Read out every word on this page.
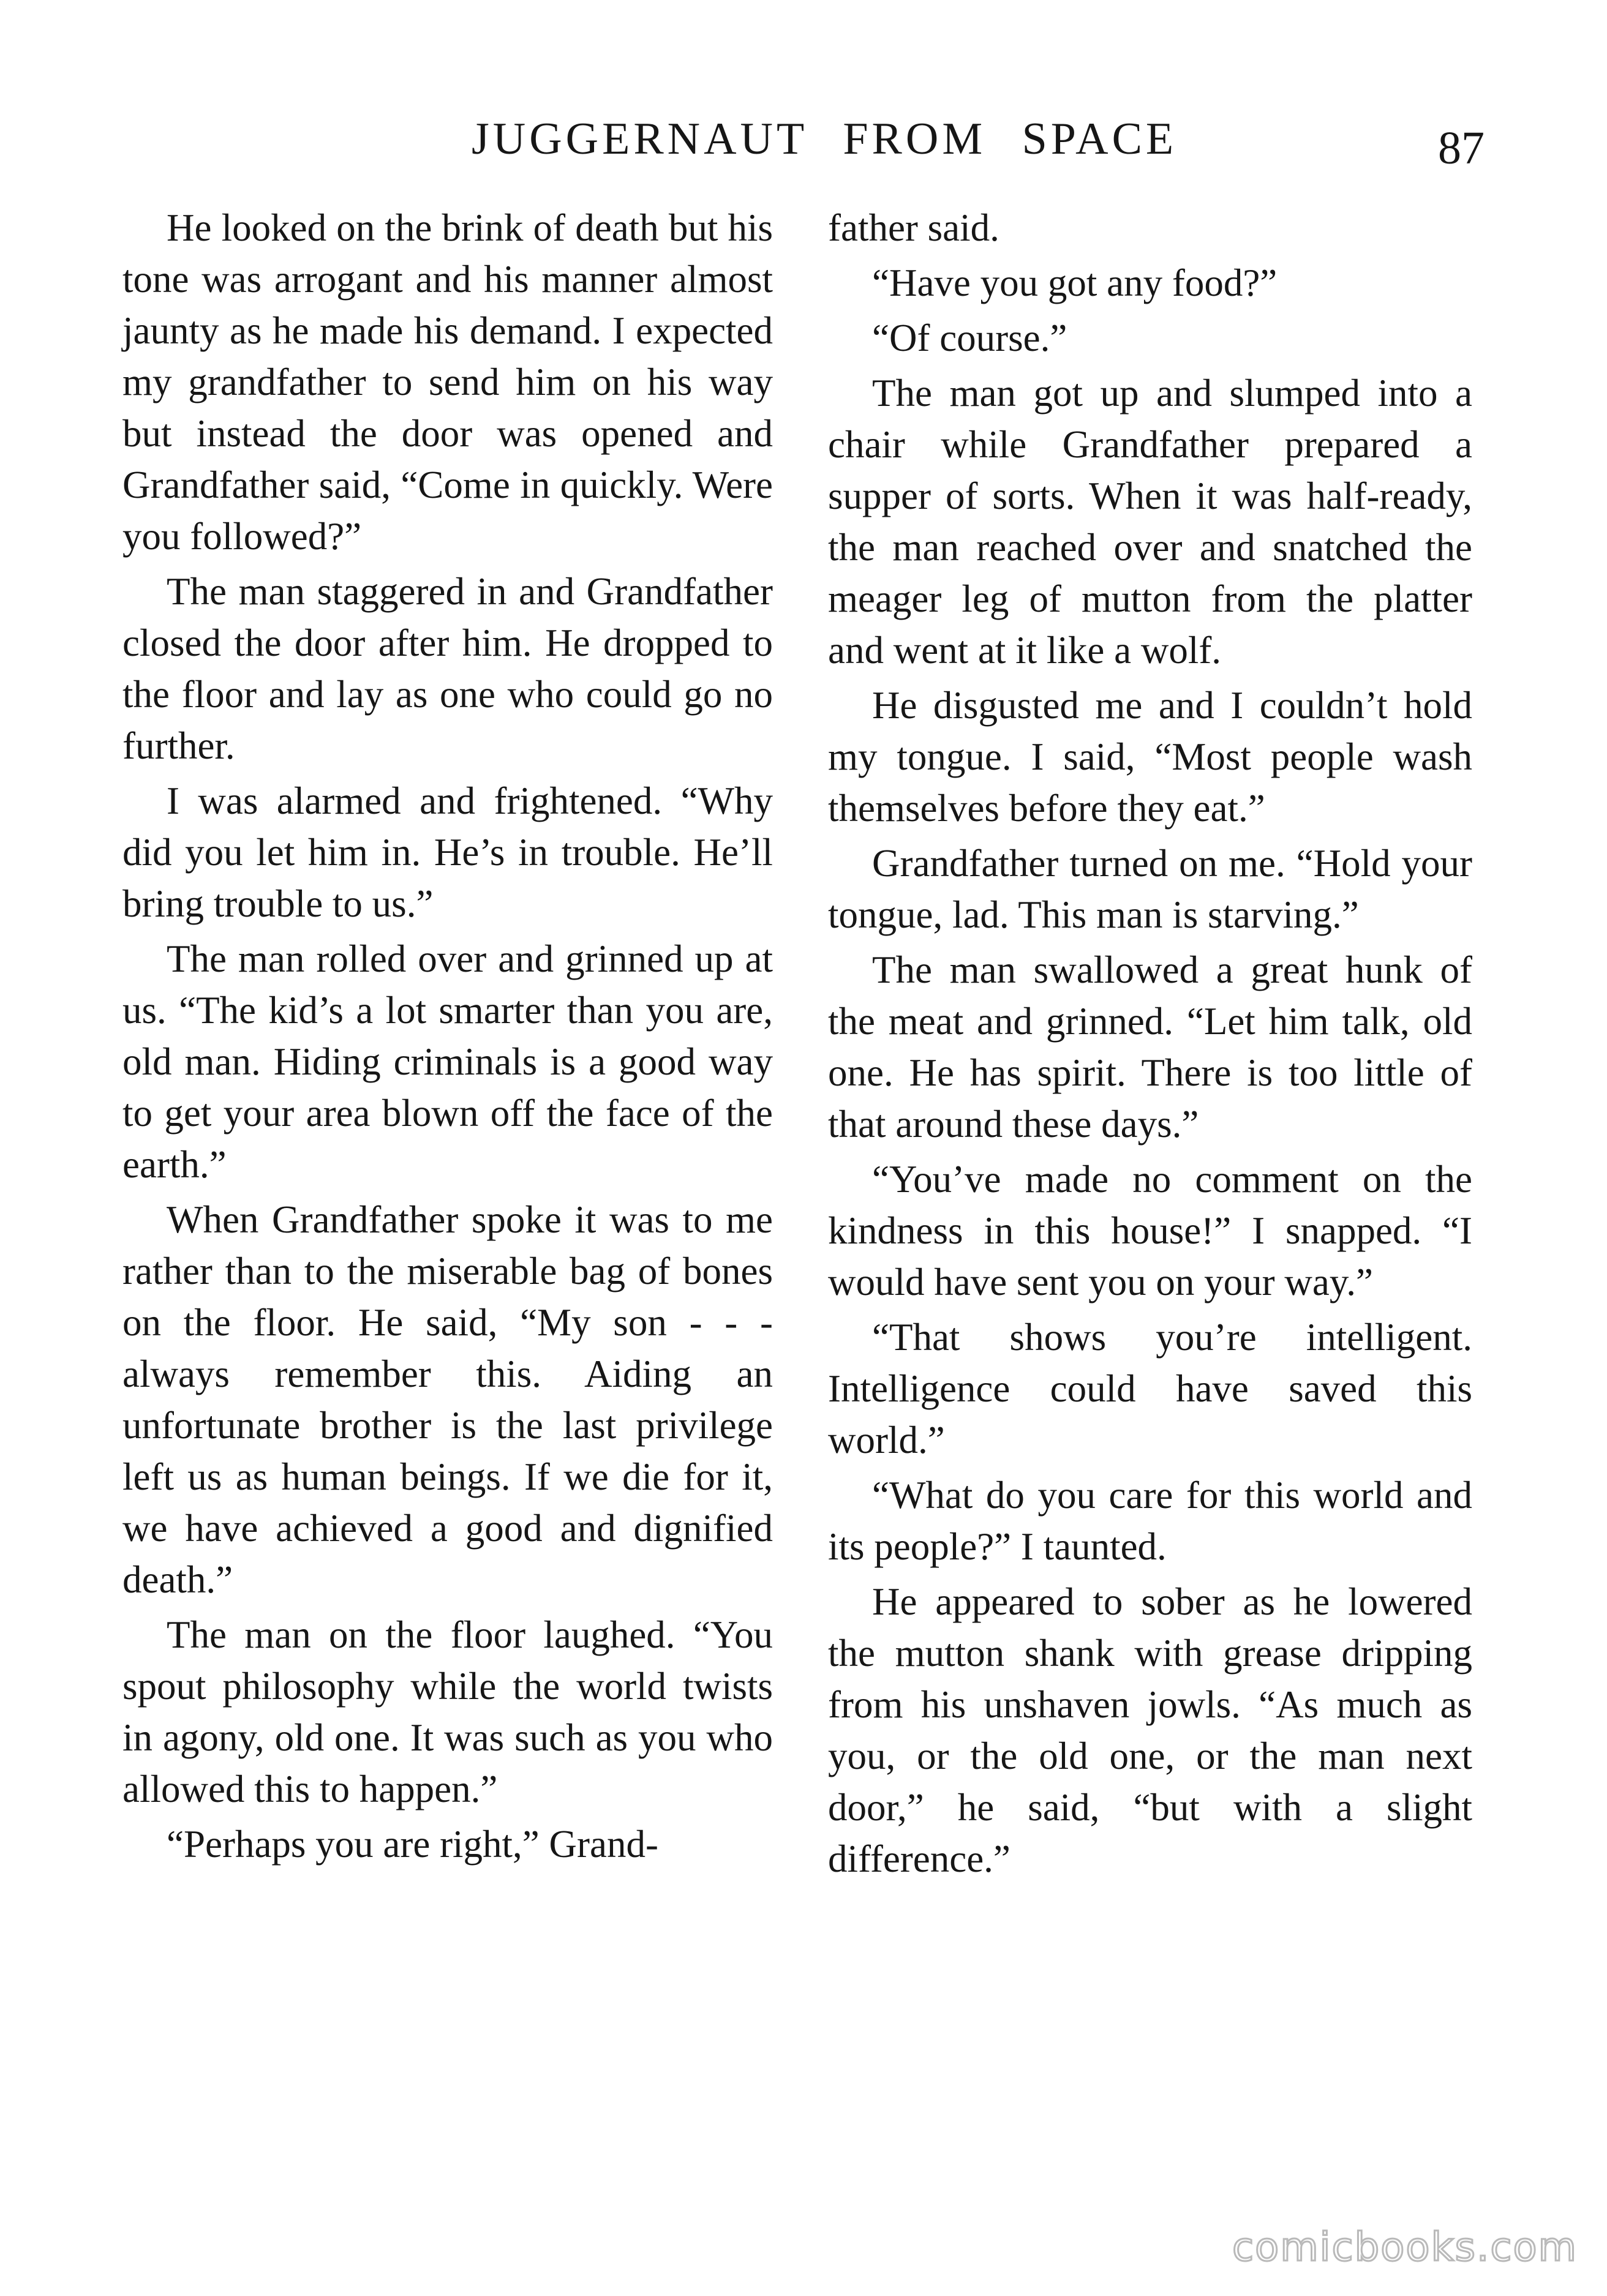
JUGGERNAUT FROM SPACE	87

He looked on the brink of death but his tone was arrogant and his manner almost jaunty as he made his demand. I expected my grandfather to send him on his way but instead the door was opened and Grandfather said, “Come in quickly. Were you followed?”

The man staggered in and Grandfather closed the door after him. He dropped to the floor and lay as one who could go no further.

I was alarmed and frightened. “Why did you let him in. He’s in trouble. He’ll bring trouble to us.”

The man rolled over and grinned up at us. “The kid’s a lot smarter than you are, old man. Hiding criminals is a good way to get your area blown off the face of the earth.”

When Grandfather spoke it was to me rather than to the miserable bag of bones on the floor. He said, “My son - - - always remember this. Aiding an unfortunate brother is the last privilege left us as human beings. If we die for it, we have achieved a good and dignified death.”

The man on the floor laughed. “You spout philosophy while the world twists in agony, old one. It was such as you who allowed this to happen.”

“Perhaps you are right,” Grand-

father said.

“Have you got any food?”

“Of course.”

The man got up and slumped into a chair while Grandfather prepared a supper of sorts. When it was half-ready, the man reached over and snatched the meager leg of mutton from the platter and went at it like a wolf.

He disgusted me and I couldn’t hold my tongue. I said, “Most people wash themselves before they eat.”

Grandfather turned on me. “Hold your tongue, lad. This man is starving.”

The man swallowed a great hunk of the meat and grinned. “Let him talk, old one. He has spirit. There is too little of that around these days.”

“You’ve made no comment on the kindness in this house!” I snapped. “I would have sent you on your way.”

“That shows you’re intelligent. Intelligence could have saved this world.”

“What do you care for this world and its people?” I taunted.

He appeared to sober as he lowered the mutton shank with grease dripping from his unshaven jowls. “As much as you, or the old one, or the man next door,” he said, “but with a slight difference.”

comicbooks.com
